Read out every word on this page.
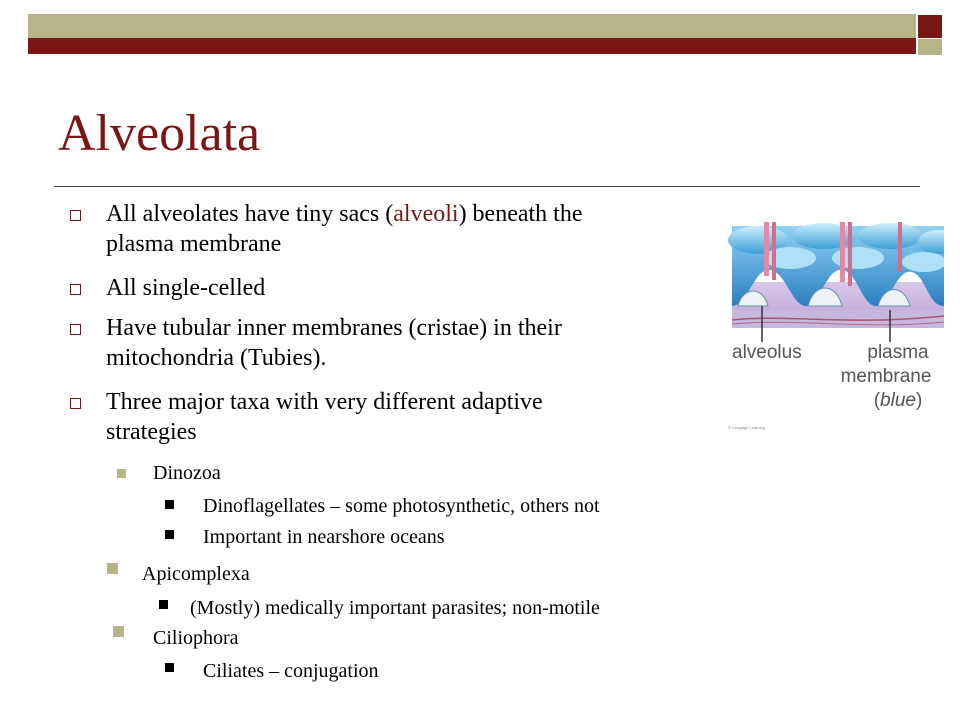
Alveolata
All alveolates have tiny sacs (alveoli) beneath the
plasma membrane
All single-celled
Have tubular inner membranes (cristae) in their
mitochondria (Tubies).
Three major taxa with very different adaptive
strategies
Dinozoa
Dinoflagellates – some photosynthetic, others not
Important in nearshore oceans
Apicomplexa
(Mostly) medically important parasites; non-motile
Ciliophora
Ciliates – conjugation
© Cengage Learning
alveolus	plasma
membrane
(blue)
